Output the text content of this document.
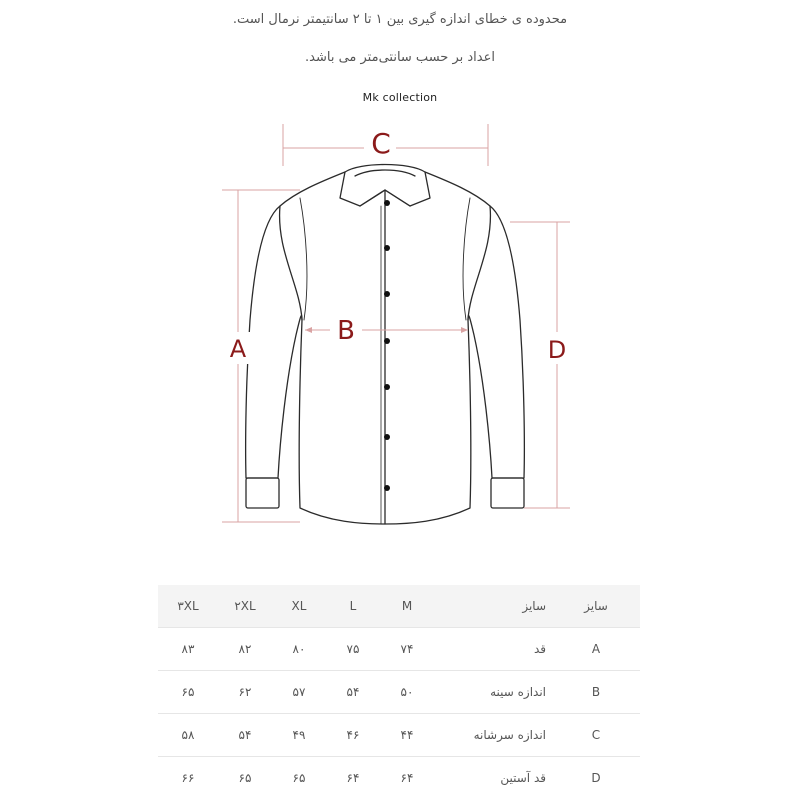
محدوده ی خطای اندازه گیری بین ۱ تا ۲ سانتیمتر نرمال است.
اعداد بر حسب سانتی‌متر می باشد.
Mk collection
A
B
C
D
۳XL	۲XL	XL	L	M	سایز	سایز
۸۳	۸۲	۸۰	۷۵	۷۴	قد	A
۶۵	۶۲	۵۷	۵۴	۵۰	اندازه سینه	B
۵۸	۵۴	۴۹	۴۶	۴۴	اندازه سرشانه	C
۶۶	۶۵	۶۵	۶۴	۶۴	قد آستین	D
